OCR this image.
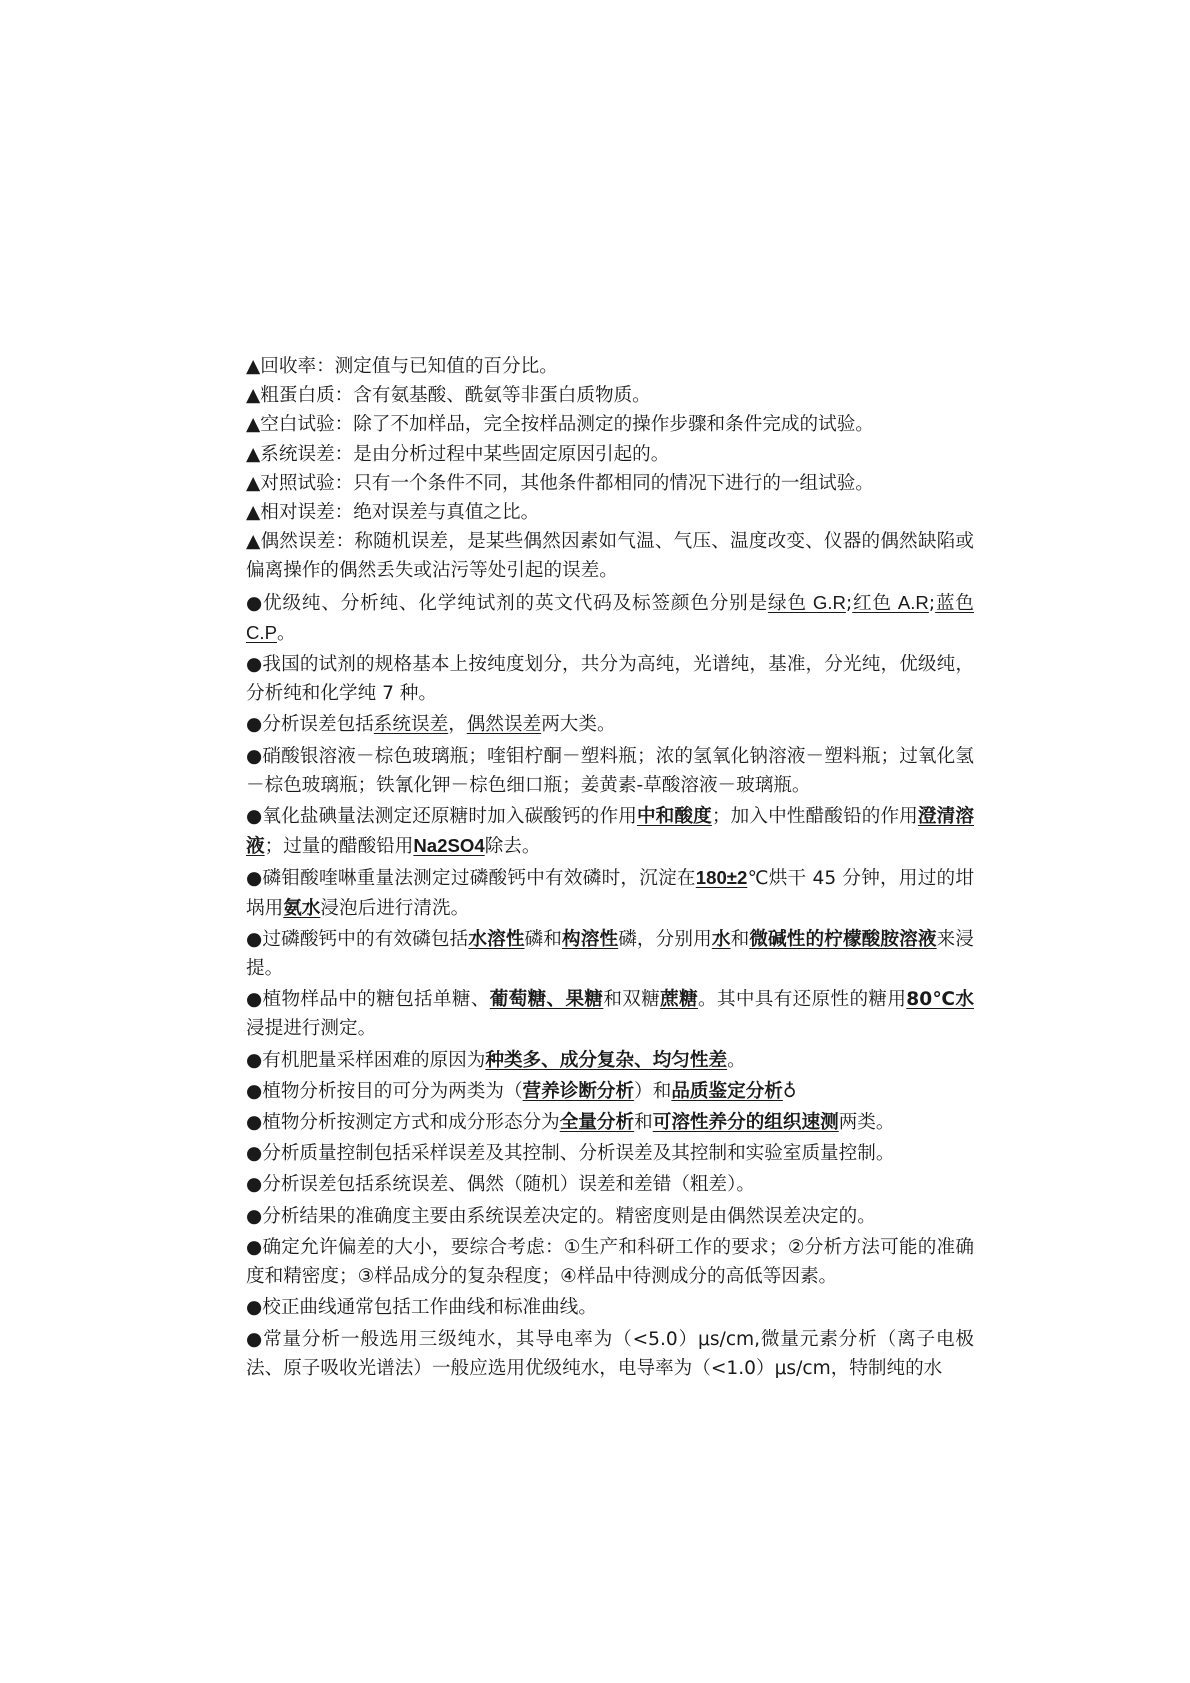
▲回收率：测定值与已知值的百分比。

▲粗蛋白质：含有氨基酸、酰氨等非蛋白质物质。

▲空白试验：除了不加样品，完全按样品测定的操作步骤和条件完成的试验。

▲系统误差：是由分析过程中某些固定原因引起的。

▲对照试验：只有一个条件不同，其他条件都相同的情况下进行的一组试验。

▲相对误差：绝对误差与真值之比。

▲偶然误差：称随机误差，是某些偶然因素如气温、气压、温度改变、仪器的偶然缺陷或偏离操作的偶然丢失或沾污等处引起的误差。

●优级纯、分析纯、化学纯试剂的英文代码及标签颜色分别是绿色 G.R;红色 A.R;蓝色 C.P。

●我国的试剂的规格基本上按纯度划分，共分为高纯，光谱纯，基准，分光纯，优级纯，分析纯和化学纯 7 种。

●分析误差包括系统误差，偶然误差两大类。

●硝酸银溶液－棕色玻璃瓶；喹钼柠酮－塑料瓶；浓的氢氧化钠溶液－塑料瓶；过氧化氢－棕色玻璃瓶；铁氰化钾－棕色细口瓶；姜黄素-草酸溶液－玻璃瓶。

●氧化盐碘量法测定还原糖时加入碳酸钙的作用中和酸度；加入中性醋酸铅的作用澄清溶液；过量的醋酸铅用Na2SO4除去。

●磷钼酸喹啉重量法测定过磷酸钙中有效磷时，沉淀在180±2℃烘干 45 分钟，用过的坩埚用氨水浸泡后进行清洗。

●过磷酸钙中的有效磷包括水溶性磷和构溶性磷，分别用水和微碱性的柠檬酸胺溶液来浸提。

●植物样品中的糖包括单糖、葡萄糖、果糖和双糖蔗糖。其中具有还原性的糖用80℃水浸提进行测定。

●有机肥量采样困难的原因为种类多、成分复杂、均匀性差。

●植物分析按目的可分为两类为（营养诊断分析）和品质鉴定分析♁

●植物分析按测定方式和成分形态分为全量分析和可溶性养分的组织速测两类。

●分析质量控制包括采样误差及其控制、分析误差及其控制和实验室质量控制。

●分析误差包括系统误差、偶然（随机）误差和差错（粗差）。

●分析结果的准确度主要由系统误差决定的。精密度则是由偶然误差决定的。

●确定允许偏差的大小，要综合考虑：①生产和科研工作的要求；②分析方法可能的准确度和精密度；③样品成分的复杂程度；④样品中待测成分的高低等因素。

●校正曲线通常包括工作曲线和标准曲线。

●常量分析一般选用三级纯水，其导电率为（<5.0）μs/cm,微量元素分析（离子电极法、原子吸收光谱法）一般应选用优级纯水，电导率为（<1.0）μs/cm，特制纯的水
